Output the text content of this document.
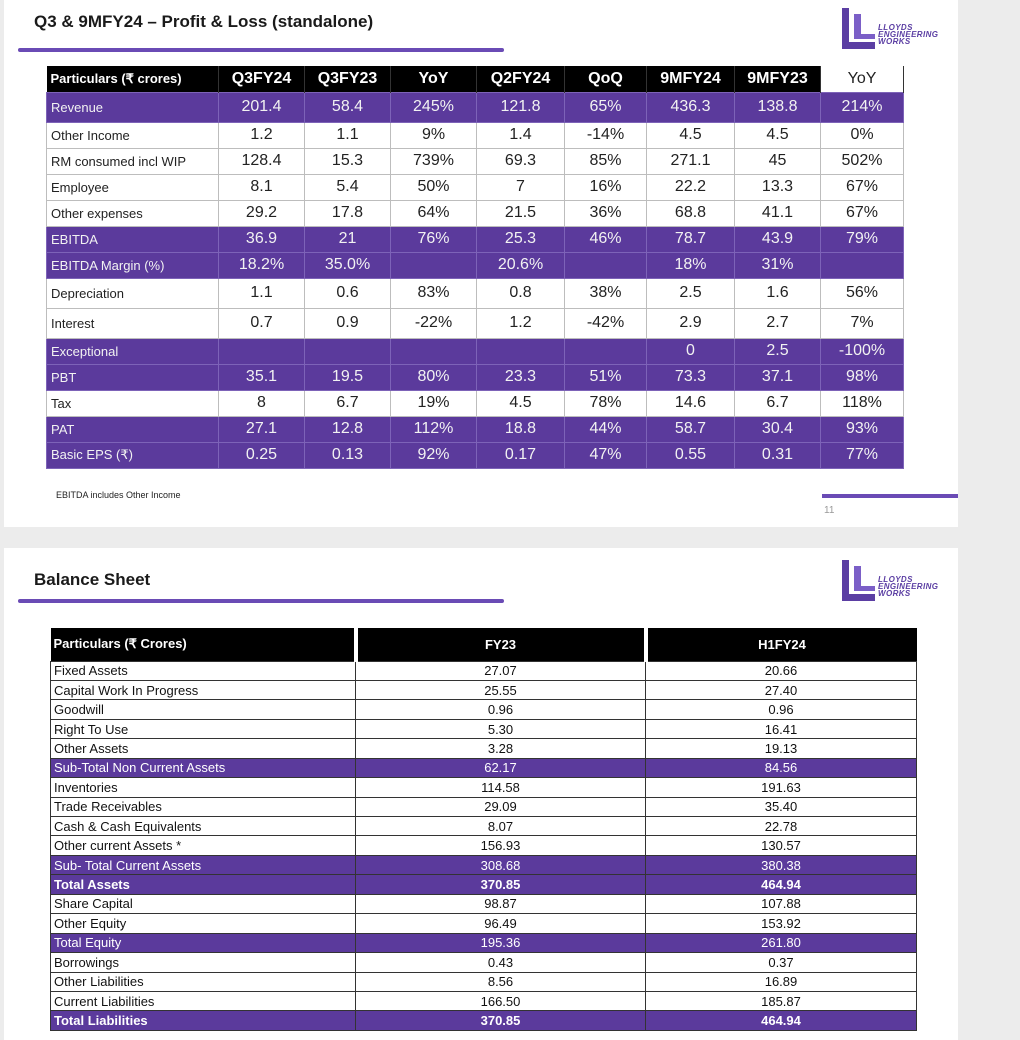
Q3 & 9MFY24 – Profit & Loss (standalone)	LLOYDS
ENGINEERING
WORKS
Particulars (₹ crores)	Q3FY24	Q3FY23	YoY	Q2FY24	QoQ	9MFY24	9MFY23	YoY
Revenue	201.4	58.4	245%	121.8	65%	436.3	138.8	214%
Other Income	1.2	1.1	9%	1.4	-14%	4.5	4.5	0%
RM consumed incl WIP	128.4	15.3	739%	69.3	85%	271.1	45	502%
Employee	8.1	5.4	50%	7	16%	22.2	13.3	67%
Other expenses	29.2	17.8	64%	21.5	36%	68.8	41.1	67%
EBITDA	36.9	21	76%	25.3	46%	78.7	43.9	79%
EBITDA Margin (%)	18.2%	35.0%		20.6%		18%	31%	
Depreciation	1.1	0.6	83%	0.8	38%	2.5	1.6	56%
Interest	0.7	0.9	-22%	1.2	-42%	2.9	2.7	7%
Exceptional						0	2.5	-100%
PBT	35.1	19.5	80%	23.3	51%	73.3	37.1	98%
Tax	8	6.7	19%	4.5	78%	14.6	6.7	118%
PAT	27.1	12.8	112%	18.8	44%	58.7	30.4	93%
Basic EPS (₹)	0.25	0.13	92%	0.17	47%	0.55	0.31	77%
EBITDA includes Other Income
11
Balance Sheet	LLOYDS
ENGINEERING
WORKS
Particulars (₹ Crores)	FY23	H1FY24
Fixed Assets	27.07	20.66
Capital Work In Progress	25.55	27.40
Goodwill	0.96	0.96
Right To Use	5.30	16.41
Other Assets	3.28	19.13
Sub-Total Non Current Assets	62.17	84.56
Inventories	114.58	191.63
Trade Receivables	29.09	35.40
Cash & Cash Equivalents	8.07	22.78
Other current Assets *	156.93	130.57
Sub- Total Current Assets	308.68	380.38
Total Assets	370.85	464.94
Share Capital	98.87	107.88
Other Equity	96.49	153.92
Total Equity	195.36	261.80
Borrowings	0.43	0.37
Other Liabilities	8.56	16.89
Current Liabilities	166.50	185.87
Total Liabilities	370.85	464.94
